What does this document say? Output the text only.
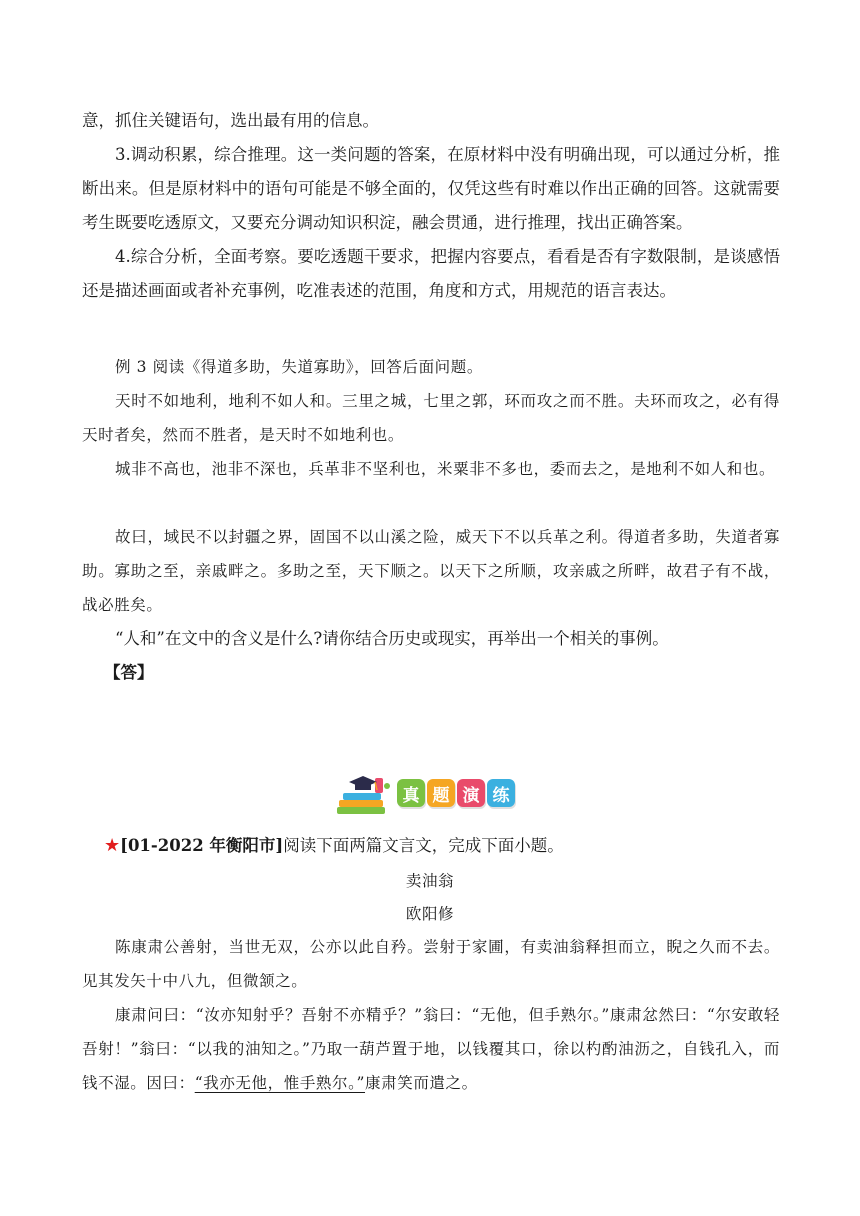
意，抓住关键语句，选出最有用的信息。

3.调动积累，综合推理。这一类问题的答案，在原材料中没有明确出现，可以通过分析，推断出来。但是原材料中的语句可能是不够全面的，仅凭这些有时难以作出正确的回答。这就需要考生既要吃透原文，又要充分调动知识积淀，融会贯通，进行推理，找出正确答案。

4.综合分析，全面考察。要吃透题干要求，把握内容要点，看看是否有字数限制，是谈感悟还是描述画面或者补充事例，吃准表述的范围，角度和方式，用规范的语言表达。

例 3 阅读《得道多助，失道寡助》，回答后面问题。

天时不如地利，地利不如人和。三里之城，七里之郭，环而攻之而不胜。夫环而攻之，必有得天时者矣，然而不胜者，是天时不如地利也。

城非不高也，池非不深也，兵革非不坚利也，米粟非不多也，委而去之，是地利不如人和也。

故曰，域民不以封疆之界，固国不以山溪之险，威天下不以兵革之利。得道者多助，失道者寡助。寡助之至，亲戚畔之。多助之至，天下顺之。以天下之所顺，攻亲戚之所畔，故君子有不战，战必胜矣。

“人和”在文中的含义是什么?请你结合历史或现实，再举出一个相关的事例。

【答】

真 题 演 练

★[01-2022 年衡阳市]阅读下面两篇文言文，完成下面小题。

卖油翁
欧阳修

陈康肃公善射，当世无双，公亦以此自矜。尝射于家圃，有卖油翁释担而立，睨之久而不去。见其发矢十中八九，但微颔之。

康肃问曰：“汝亦知射乎？吾射不亦精乎？”翁曰：“无他，但手熟尔。”康肃忿然曰：“尔安敢轻吾射！”翁曰：“以我的油知之。”乃取一葫芦置于地，以钱覆其口，徐以杓酌油沥之，自钱孔入，而钱不湿。因曰：“我亦无他，惟手熟尔。”康肃笑而遣之。
